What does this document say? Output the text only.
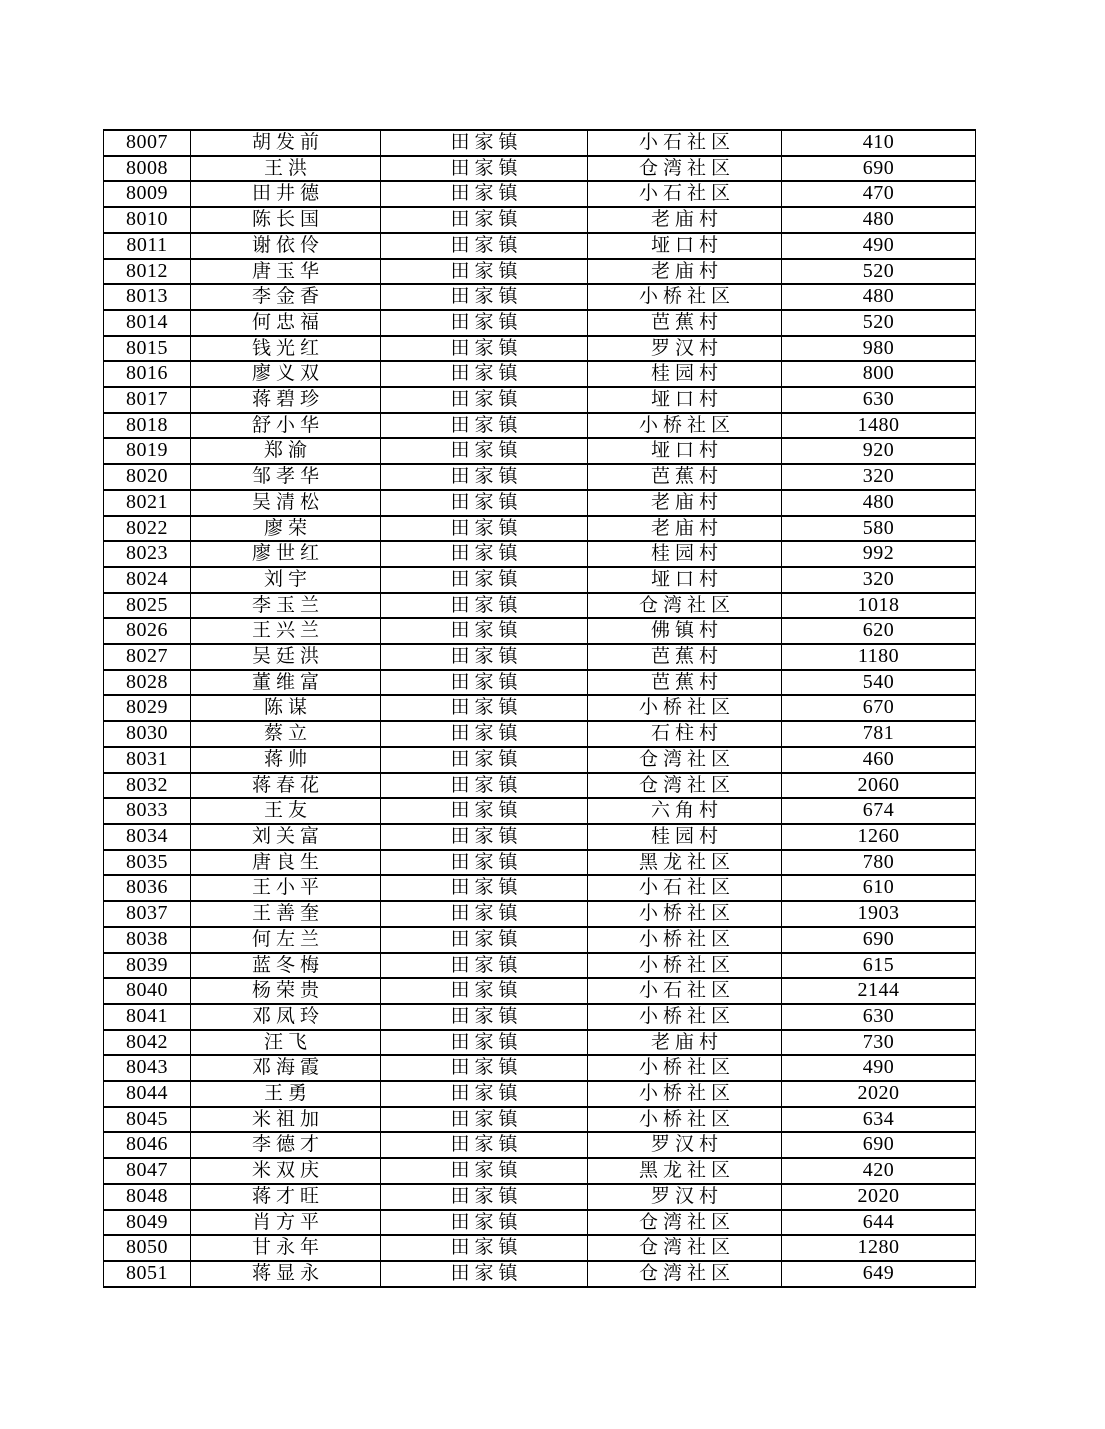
8007	胡发前	田家镇	小石社区	410
8008	王洪	田家镇	仓湾社区	690
8009	田井德	田家镇	小石社区	470
8010	陈长国	田家镇	老庙村	480
8011	谢依伶	田家镇	垭口村	490
8012	唐玉华	田家镇	老庙村	520
8013	李金香	田家镇	小桥社区	480
8014	何忠福	田家镇	芭蕉村	520
8015	钱光红	田家镇	罗汉村	980
8016	廖义双	田家镇	桂园村	800
8017	蒋碧珍	田家镇	垭口村	630
8018	舒小华	田家镇	小桥社区	1480
8019	郑渝	田家镇	垭口村	920
8020	邹孝华	田家镇	芭蕉村	320
8021	吴清松	田家镇	老庙村	480
8022	廖荣	田家镇	老庙村	580
8023	廖世红	田家镇	桂园村	992
8024	刘宇	田家镇	垭口村	320
8025	李玉兰	田家镇	仓湾社区	1018
8026	王兴兰	田家镇	佛镇村	620
8027	吴廷洪	田家镇	芭蕉村	1180
8028	董维富	田家镇	芭蕉村	540
8029	陈谋	田家镇	小桥社区	670
8030	蔡立	田家镇	石柱村	781
8031	蒋帅	田家镇	仓湾社区	460
8032	蒋春花	田家镇	仓湾社区	2060
8033	王友	田家镇	六角村	674
8034	刘关富	田家镇	桂园村	1260
8035	唐良生	田家镇	黑龙社区	780
8036	王小平	田家镇	小石社区	610
8037	王善奎	田家镇	小桥社区	1903
8038	何左兰	田家镇	小桥社区	690
8039	蓝冬梅	田家镇	小桥社区	615
8040	杨荣贵	田家镇	小石社区	2144
8041	邓凤玲	田家镇	小桥社区	630
8042	汪飞	田家镇	老庙村	730
8043	邓海霞	田家镇	小桥社区	490
8044	王勇	田家镇	小桥社区	2020
8045	米祖加	田家镇	小桥社区	634
8046	李德才	田家镇	罗汉村	690
8047	米双庆	田家镇	黑龙社区	420
8048	蒋才旺	田家镇	罗汉村	2020
8049	肖方平	田家镇	仓湾社区	644
8050	甘永年	田家镇	仓湾社区	1280
8051	蒋显永	田家镇	仓湾社区	649
